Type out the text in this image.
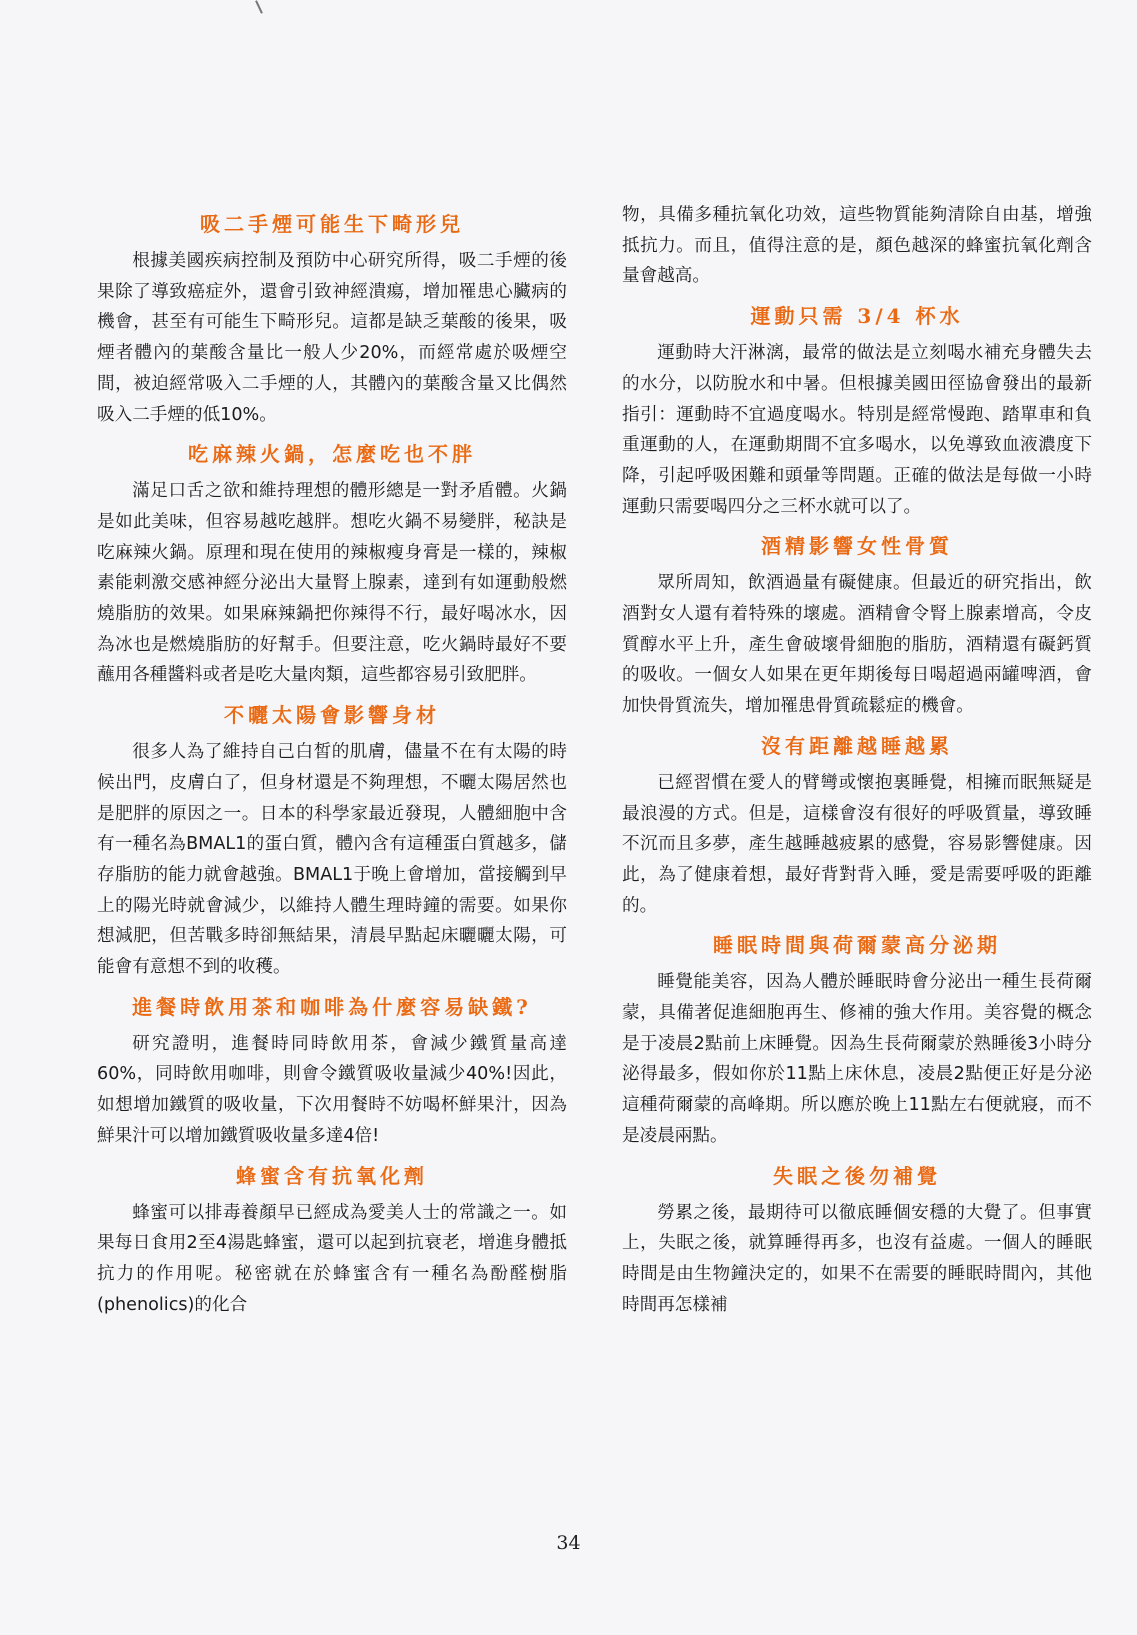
吸二手煙可能生下畸形兒

根據美國疾病控制及預防中心研究所得，吸二手煙的後果除了導致癌症外，還會引致神經潰瘍，增加罹患心臟病的機會，甚至有可能生下畸形兒。這都是缺乏葉酸的後果，吸煙者體內的葉酸含量比一般人少20%，而經常處於吸煙空間，被迫經常吸入二手煙的人，其體內的葉酸含量又比偶然吸入二手煙的低10%。

吃麻辣火鍋，怎麼吃也不胖

滿足口舌之欲和維持理想的體形總是一對矛盾體。火鍋是如此美味，但容易越吃越胖。想吃火鍋不易變胖，秘訣是吃麻辣火鍋。原理和現在使用的辣椒瘦身膏是一樣的，辣椒素能刺激交感神經分泌出大量腎上腺素，達到有如運動般燃燒脂肪的效果。如果麻辣鍋把你辣得不行，最好喝冰水，因為冰也是燃燒脂肪的好幫手。但要注意，吃火鍋時最好不要蘸用各種醬料或者是吃大量肉類，這些都容易引致肥胖。

不曬太陽會影響身材

很多人為了維持自己白皙的肌膚，儘量不在有太陽的時候出門，皮膚白了，但身材還是不夠理想，不曬太陽居然也是肥胖的原因之一。日本的科學家最近發現，人體細胞中含有一種名為BMAL1的蛋白質，體內含有這種蛋白質越多，儲存脂肪的能力就會越強。BMAL1于晚上會增加，當接觸到早上的陽光時就會減少，以維持人體生理時鐘的需要。如果你想減肥，但苦戰多時卻無結果，清晨早點起床曬曬太陽，可能會有意想不到的收穫。

進餐時飲用茶和咖啡為什麼容易缺鐵?

研究證明，進餐時同時飲用茶，會減少鐵質量高達60%，同時飲用咖啡，則會令鐵質吸收量減少40%!因此，如想增加鐵質的吸收量，下次用餐時不妨喝杯鮮果汁，因為鮮果汁可以增加鐵質吸收量多達4倍!

蜂蜜含有抗氧化劑

蜂蜜可以排毒養顏早已經成為愛美人士的常識之一。如果每日食用2至4湯匙蜂蜜，還可以起到抗衰老，增進身體抵抗力的作用呢。秘密就在於蜂蜜含有一種名為酚醛樹脂(phenolics)的化合

物，具備多種抗氧化功效，這些物質能夠清除自由基，增強抵抗力。而且，值得注意的是，顏色越深的蜂蜜抗氧化劑含量會越高。

運動只需 3/4 杯水

運動時大汗淋漓，最常的做法是立刻喝水補充身體失去的水分，以防脫水和中暑。但根據美國田徑協會發出的最新指引：運動時不宜過度喝水。特別是經常慢跑、踏單車和負重運動的人，在運動期間不宜多喝水，以免導致血液濃度下降，引起呼吸困難和頭暈等問題。正確的做法是每做一小時運動只需要喝四分之三杯水就可以了。

酒精影響女性骨質

眾所周知，飲酒過量有礙健康。但最近的研究指出，飲酒對女人還有着特殊的壞處。酒精會令腎上腺素增高，令皮質醇水平上升，產生會破壞骨細胞的脂肪，酒精還有礙鈣質的吸收。一個女人如果在更年期後每日喝超過兩罐啤酒，會加快骨質流失，增加罹患骨質疏鬆症的機會。

沒有距離越睡越累

已經習慣在愛人的臂彎或懷抱裏睡覺，相擁而眠無疑是最浪漫的方式。但是，這樣會沒有很好的呼吸質量，導致睡不沉而且多夢，產生越睡越疲累的感覺，容易影響健康。因此，為了健康着想，最好背對背入睡，愛是需要呼吸的距離的。

睡眠時間與荷爾蒙高分泌期

睡覺能美容，因為人體於睡眠時會分泌出一種生長荷爾蒙，具備著促進細胞再生、修補的強大作用。美容覺的概念是于凌晨2點前上床睡覺。因為生長荷爾蒙於熟睡後3小時分泌得最多，假如你於11點上床休息，凌晨2點便正好是分泌這種荷爾蒙的高峰期。所以應於晚上11點左右便就寢，而不是凌晨兩點。

失眠之後勿補覺

勞累之後，最期待可以徹底睡個安穩的大覺了。但事實上，失眠之後，就算睡得再多，也沒有益處。一個人的睡眠時間是由生物鐘決定的，如果不在需要的睡眠時間內，其他時間再怎樣補

34
